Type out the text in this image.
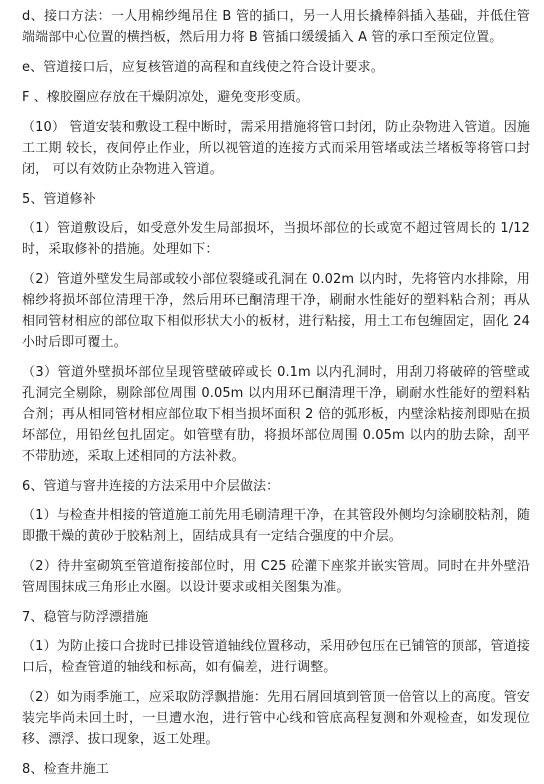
d、接口方法：一人用棉纱绳吊住 B 管的插口，另一人用长撬棒斜插入基础，并低住管端端部中心位置的横挡板，然后用力将 B 管插口缓缓插入 A 管的承口至预定位置。

e、管道接口后，应复核管道的高程和直线使之符合设计要求。

F 、橡胶圈应存放在干燥阴凉处，避免变形变质。

（10） 管道安装和敷设工程中断时，需采用措施将管口封闭，防止杂物进入管道。因施工工期 较长，夜间停止作业，所以视管道的连接方式而采用管堵或法兰堵板等将管口封闭， 可以有效防止杂物进入管道。

5、管道修补

（1）管道敷设后，如受意外发生局部损坏，当损坏部位的长或宽不超过管周长的 1/12 时，采取修补的措施。处理如下：

（2）管道外壁发生局部或较小部位裂缝或孔洞在 0.02m 以内时，先将管内水排除，用棉纱将损坏部位清理干净，然后用环已酮清理干净，刷耐水性能好的塑料粘合剂；再从相同管材相应的部位取下相似形状大小的板材，进行粘接，用土工布包缠固定，固化 24 小时后即可覆土。

（3）管道外壁损坏部位呈现管壁破碎或长 0.1m 以内孔洞时，用刮刀将破碎的管壁或孔洞完全剔除，剔除部位周围 0.05m 以内用环已酮清理干净，刷耐水性能好的塑料粘合剂；再从相同管材相应部位取下相当损坏面积 2 倍的弧形板，内壁涂粘接剂即贴在损坏部位，用铅丝包扎固定。如管壁有肋，将损坏部位周围 0.05m 以内的肋去除，刮平不带肋迹，采取上述相同的方法补救。

6、管道与窨井连接的方法采用中介层做法：

（1）与检查井相接的管道施工前先用毛刷清理干净，在其管段外侧均匀涂刷胶粘剂，随即撒干燥的黄砂于胶粘剂上，固结成具有一定结合强度的中介层。

（2）待井室砌筑至管道衔接部位时，用 C25 砼灌下座浆并嵌实管周。同时在井外壁沿管周围抹成三角形止水圈。以设计要求或相关图集为准。

7、稳管与防浮漂措施

（1）为防止接口合拢时已排设管道轴线位置移动，采用砂包压在已铺管的顶部，管道接口后，检查管道的轴线和标高，如有偏差，进行调整。

（2）如为雨季施工，应采取防浮飘措施：先用石屑回填到管顶一倍管以上的高度。管安装完毕尚未回土时，一旦遭水泡，进行管中心线和管底高程复测和外观检查，如发现位移、漂浮、拔口现象，返工处理。

8、检查井施工
